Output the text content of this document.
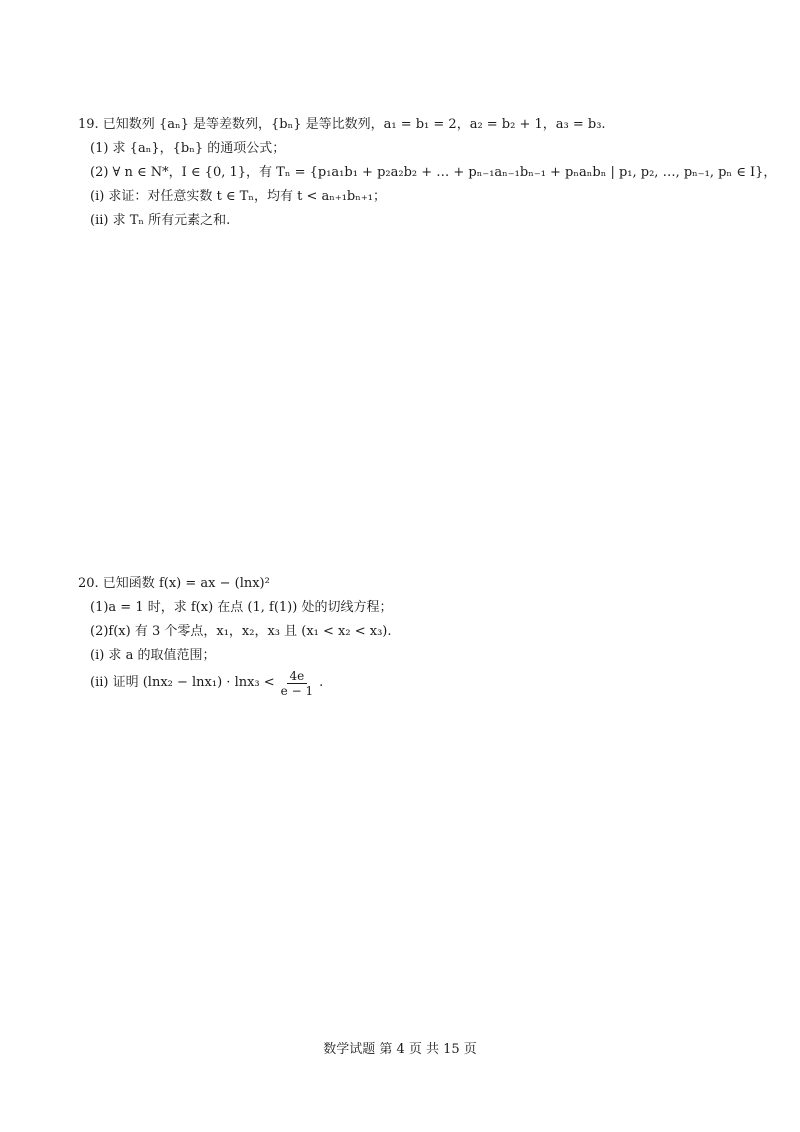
19. 已知数列 {aₙ} 是等差数列，{bₙ} 是等比数列，a₁ = b₁ = 2，a₂ = b₂ + 1，a₃ = b₃.
(1) 求 {aₙ}，{bₙ} 的通项公式；
(2) ∀ n ∈ N*，I ∈ {0, 1}，有 Tₙ = {p₁a₁b₁ + p₂a₂b₂ + … + pₙ₋₁aₙ₋₁bₙ₋₁ + pₙaₙbₙ | p₁, p₂, …, pₙ₋₁, pₙ ∈ I}，
(i) 求证：对任意实数 t ∈ Tₙ，均有 t < aₙ₊₁bₙ₊₁；
(ii) 求 Tₙ 所有元素之和.
20. 已知函数 f(x) = ax − (lnx)²
(1)a = 1 时，求 f(x) 在点 (1, f(1)) 处的切线方程；
(2)f(x) 有 3 个零点，x₁，x₂，x₃ 且 (x₁ < x₂ < x₃).
(i) 求 a 的取值范围；
(ii) 证明 $(\ln x_2 - \ln x_1) \cdot \ln x_3 < \frac{4e}{e - 1}$ .
数学试题 第 4 页 共 15 页
